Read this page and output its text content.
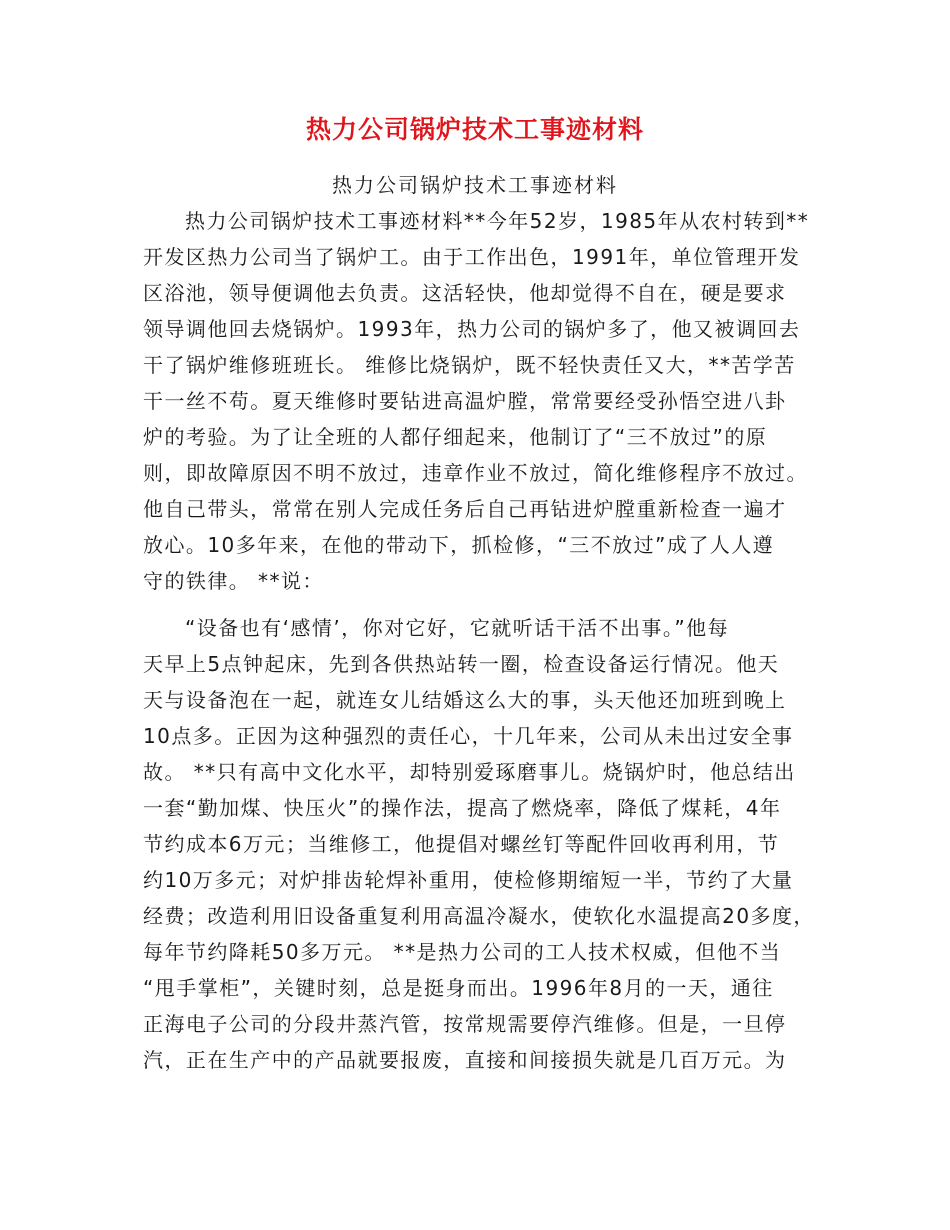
热力公司锅炉技术工事迹材料
热力公司锅炉技术工事迹材料
热力公司锅炉技术工事迹材料**今年52岁，1985年从农村转到**
开发区热力公司当了锅炉工。由于工作出色，1991年，单位管理开发
区浴池，领导便调他去负责。这活轻快，他却觉得不自在，硬是要求
领导调他回去烧锅炉。1993年，热力公司的锅炉多了，他又被调回去
干了锅炉维修班班长。 维修比烧锅炉，既不轻快责任又大，**苦学苦
干一丝不苟。夏天维修时要钻进高温炉膛，常常要经受孙悟空进八卦
炉的考验。为了让全班的人都仔细起来，他制订了“三不放过”的原
则，即故障原因不明不放过，违章作业不放过，简化维修程序不放过。
他自己带头，常常在别人完成任务后自己再钻进炉膛重新检查一遍才
放心。10多年来，在他的带动下，抓检修，“三不放过”成了人人遵
守的铁律。 **说：
“设备也有‘感情’，你对它好，它就听话干活不出事。”他每
天早上5点钟起床，先到各供热站转一圈，检查设备运行情况。他天
天与设备泡在一起，就连女儿结婚这么大的事，头天他还加班到晚上
10点多。正因为这种强烈的责任心，十几年来，公司从未出过安全事
故。 **只有高中文化水平，却特别爱琢磨事儿。烧锅炉时，他总结出
一套“勤加煤、快压火”的操作法，提高了燃烧率，降低了煤耗，4年
节约成本6万元；当维修工，他提倡对螺丝钉等配件回收再利用，节
约10万多元；对炉排齿轮焊补重用，使检修期缩短一半，节约了大量
经费；改造利用旧设备重复利用高温冷凝水，使软化水温提高20多度，
每年节约降耗50多万元。 **是热力公司的工人技术权威，但他不当
“甩手掌柜”，关键时刻，总是挺身而出。1996年8月的一天，通往
正海电子公司的分段井蒸汽管，按常规需要停汽维修。但是，一旦停
汽，正在生产中的产品就要报废，直接和间接损失就是几百万元。为
